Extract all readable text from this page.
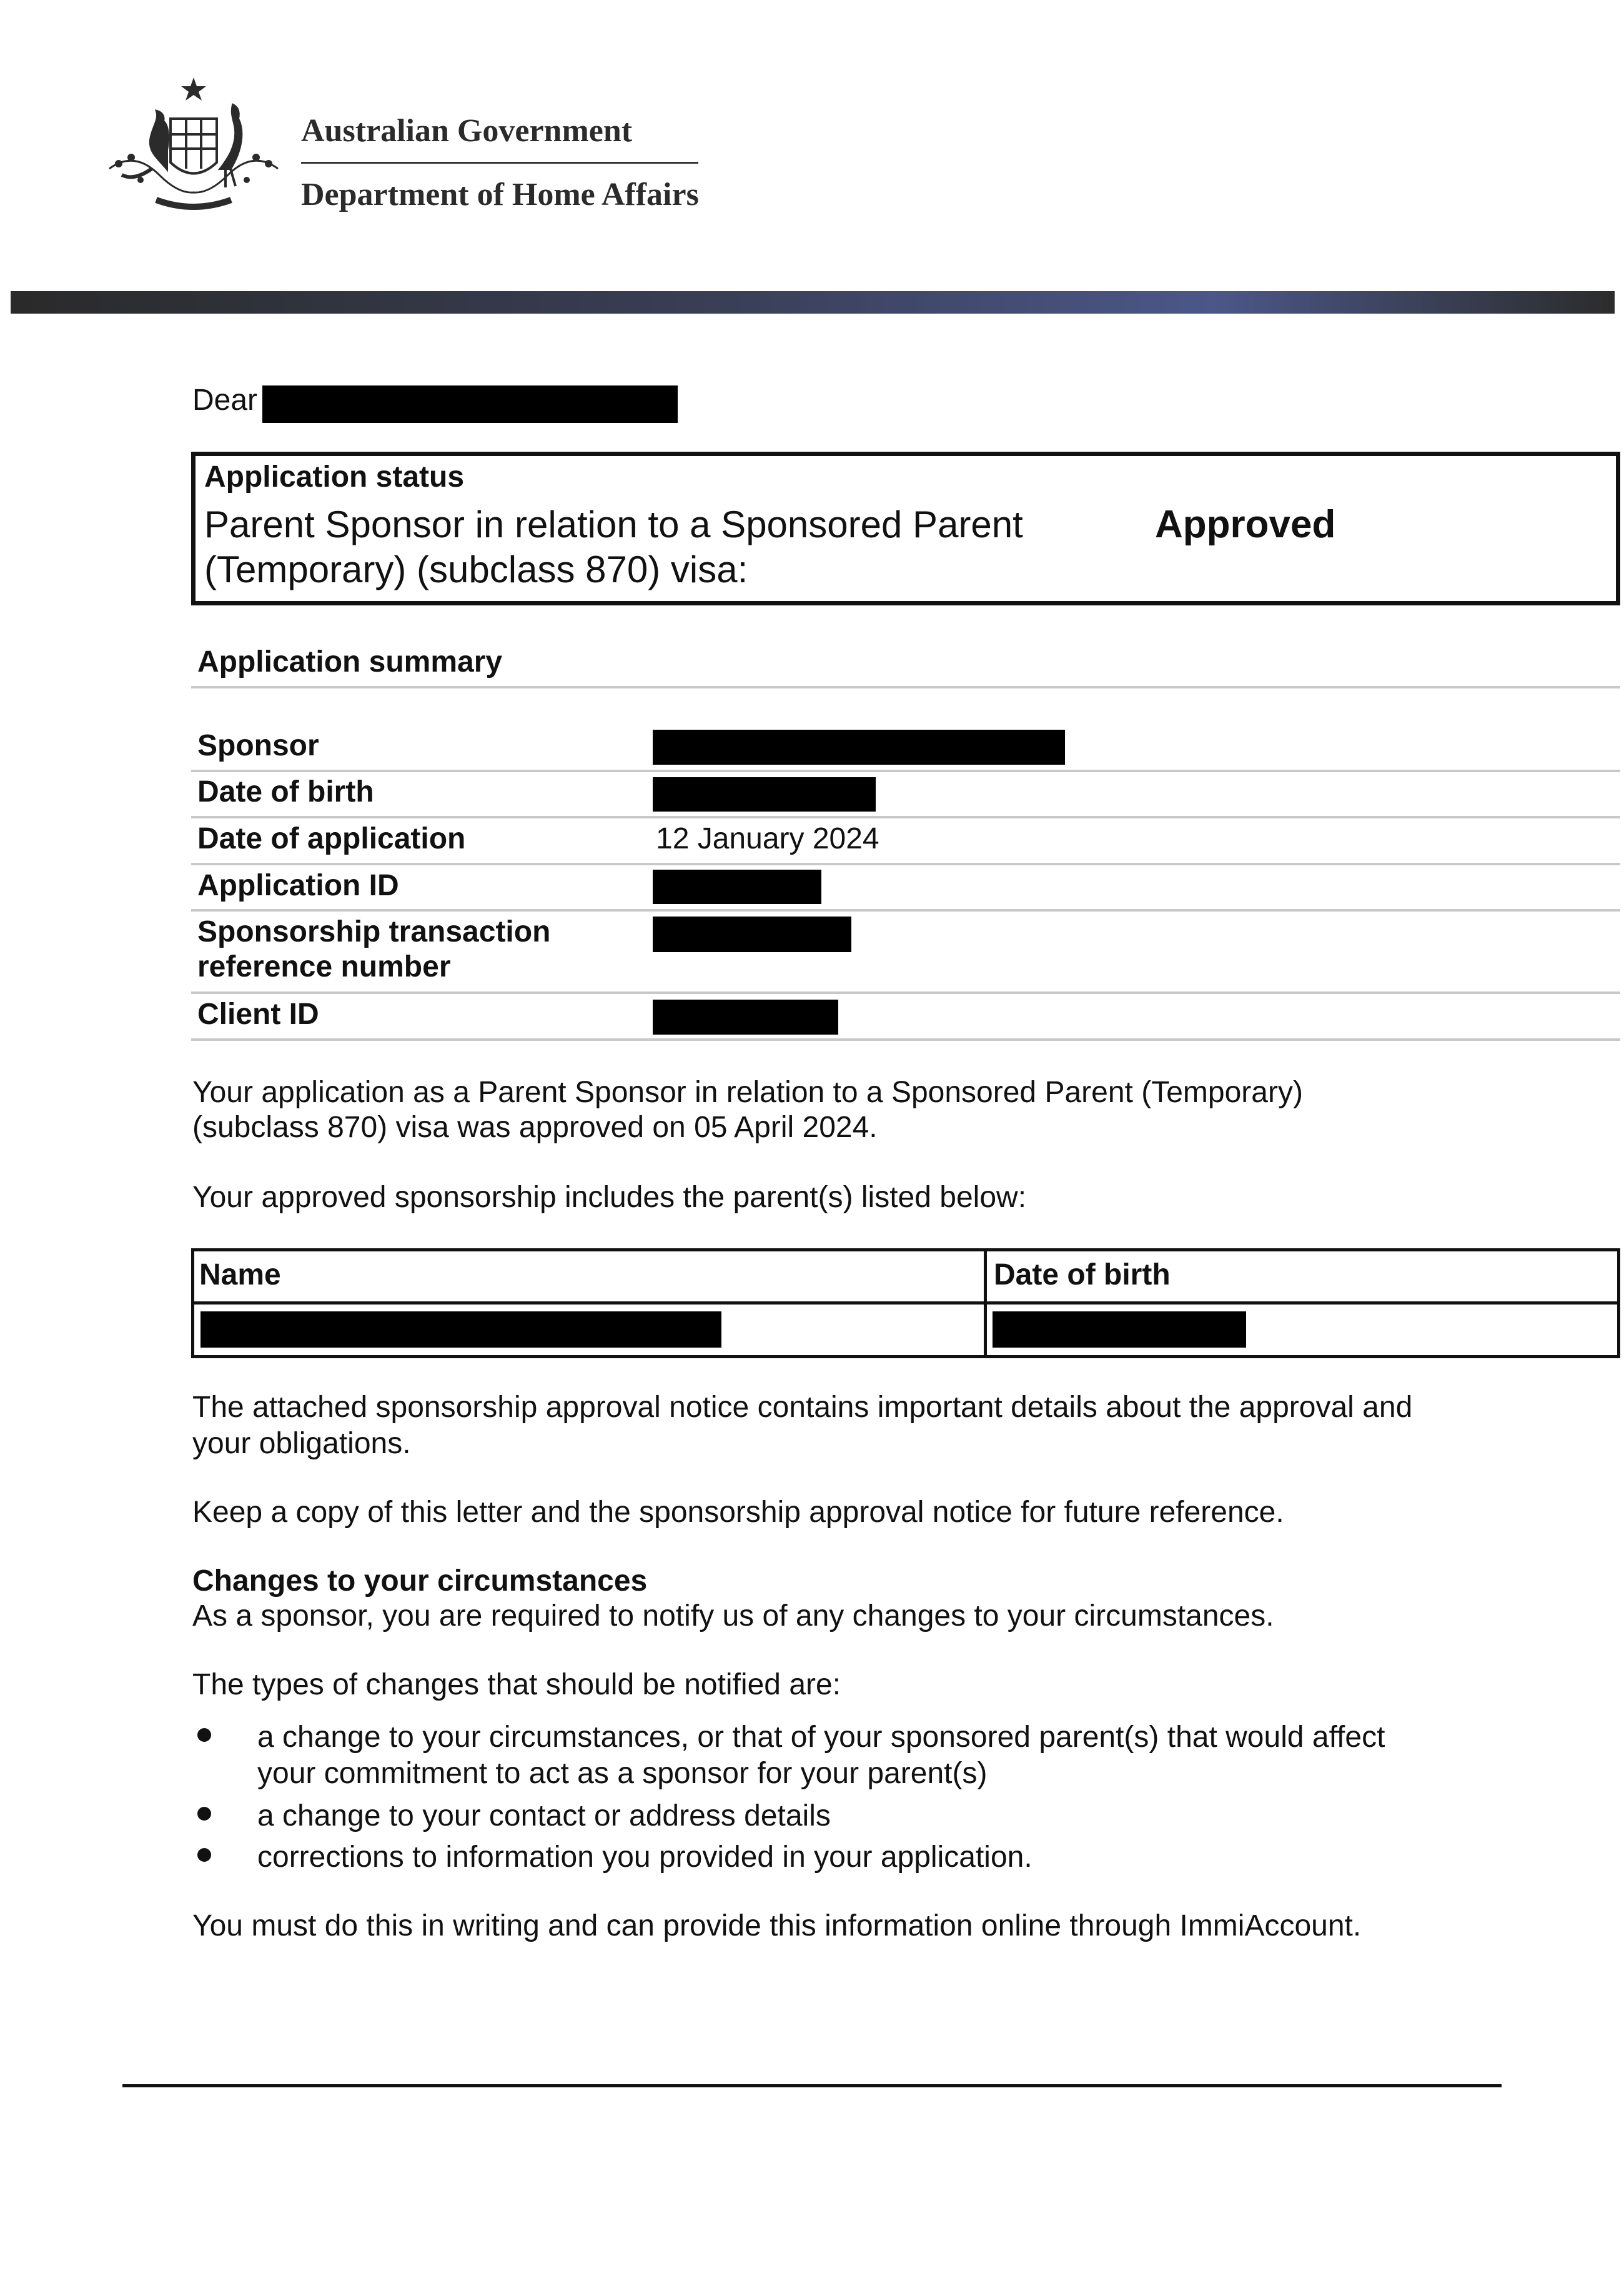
Australian Government
Department of Home Affairs
Dear
Application status
Parent Sponsor in relation to a Sponsored Parent
(Temporary) (subclass 870) visa:
Approved
Application summary
Sponsor
Date of birth
Date of application	12 January 2024
Application ID
Sponsorship transaction
reference number
Client ID
Your application as a Parent Sponsor in relation to a Sponsored Parent (Temporary)
(subclass 870) visa was approved on 05 April 2024.
Your approved sponsorship includes the parent(s) listed below:
Name	Date of birth
The attached sponsorship approval notice contains important details about the approval and
your obligations.
Keep a copy of this letter and the sponsorship approval notice for future reference.
Changes to your circumstances
As a sponsor, you are required to notify us of any changes to your circumstances.
The types of changes that should be notified are:
a change to your circumstances, or that of your sponsored parent(s) that would affect
your commitment to act as a sponsor for your parent(s)
a change to your contact or address details
corrections to information you provided in your application.
You must do this in writing and can provide this information online through ImmiAccount.
